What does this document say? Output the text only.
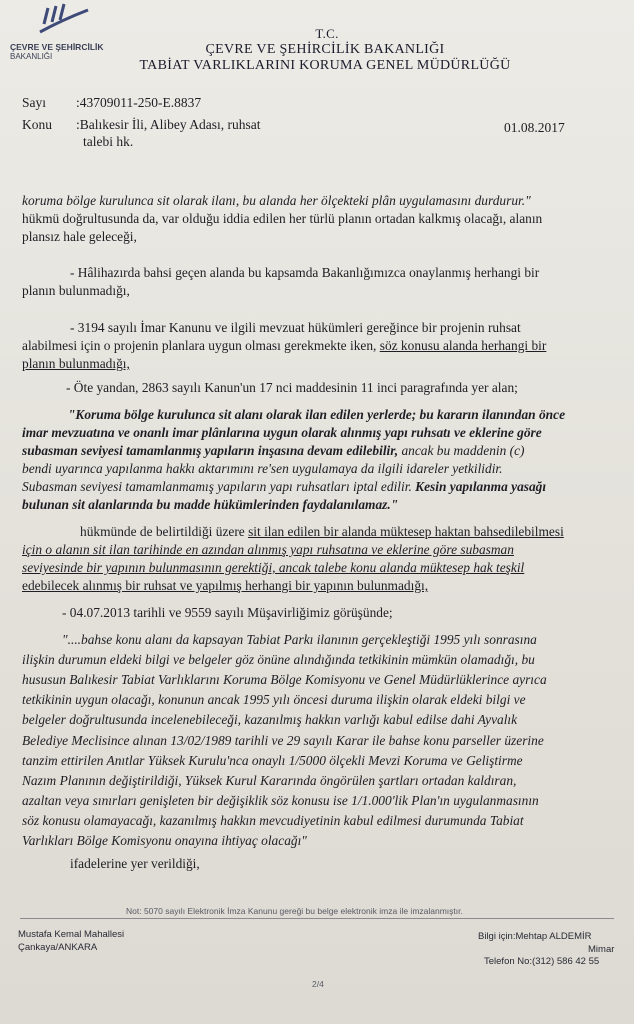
ÇEVRE VE ŞEHİRCİLİK
BAKANLIĞI
T.C.
ÇEVRE VE ŞEHİRCİLİK BAKANLIĞI
TABİAT VARLIKLARINI KORUMA GENEL MÜDÜRLÜĞÜ
Sayı :43709011-250-E.8837
Konu :Balıkesir İli, Alibey Adası, ruhsat
talebi hk.
01.08.2017
koruma bölge kurulunca sit olarak ilanı, bu alanda her ölçekteki plân uygulamasını durdurur."
hükmü doğrultusunda da, var olduğu iddia edilen her türlü planın ortadan kalkmış olacağı, alanın
plansız hale geleceği,
- Hâlihazırda bahsi geçen alanda bu kapsamda Bakanlığımızca onaylanmış herhangi bir
planın bulunmadığı,
- 3194 sayılı İmar Kanunu ve ilgili mevzuat hükümleri gereğince bir projenin ruhsat
alabilmesi için o projenin planlara uygun olması gerekmekte iken, söz konusu alanda herhangi bir
planın bulunmadığı,
- Öte yandan, 2863 sayılı Kanun'un 17 nci maddesinin 11 inci paragrafında yer alan;
"Koruma bölge kurulunca sit alanı olarak ilan edilen yerlerde; bu kararın ilanından önce
imar mevzuatına ve onanlı imar plânlarına uygun olarak alınmış yapı ruhsatı ve eklerine göre
subasman seviyesi tamamlanmış yapıların inşasına devam edilebilir, ancak bu maddenin (c)
bendi uyarınca yapılanma hakkı aktarımını re'sen uygulamaya da ilgili idareler yetkilidir.
Subasman seviyesi tamamlanmamış yapıların yapı ruhsatları iptal edilir. Kesin yapılanma yasağı
bulunan sit alanlarında bu madde hükümlerinden faydalanılamaz."
hükmünde de belirtildiği üzere sit ilan edilen bir alanda müktesep haktan bahsedilebilmesi
için o alanın sit ilan tarihinde en azından alınmış yapı ruhsatına ve eklerine göre subasman
seviyesinde bir yapının bulunmasının gerektiği, ancak talebe konu alanda müktesep hak teşkil
edebilecek alınmış bir ruhsat ve yapılmış herhangi bir yapının bulunmadığı,
- 04.07.2013 tarihli ve 9559 sayılı Müşavirliğimiz görüşünde;
"....bahse konu alanı da kapsayan Tabiat Parkı ilanının gerçekleştiği 1995 yılı sonrasına
ilişkin durumun eldeki bilgi ve belgeler göz önüne alındığında tetkikinin mümkün olamadığı, bu
hususun Balıkesir Tabiat Varlıklarını Koruma Bölge Komisyonu ve Genel Müdürlüklerince ayrıca
tetkikinin uygun olacağı, konunun ancak 1995 yılı öncesi duruma ilişkin olarak eldeki bilgi ve
belgeler doğrultusunda incelenebileceği, kazanılmış hakkın varlığı kabul edilse dahi Ayvalık
Belediye Meclisince alınan 13/02/1989 tarihli ve 29 sayılı Karar ile bahse konu parseller üzerine
tanzim ettirilen Anıtlar Yüksek Kurulu'nca onaylı 1/5000 ölçekli Mevzi Koruma ve Geliştirme
Nazım Planının değiştirildiği, Yüksek Kurul Kararında öngörülen şartları ortadan kaldıran,
azaltan veya sınırları genişleten bir değişiklik söz konusu ise 1/1.000'lik Plan'ın uygulanmasının
söz konusu olamayacağı, kazanılmış hakkın mevcudiyetinin kabul edilmesi durumunda Tabiat
Varlıkları Bölge Komisyonu onayına ihtiyaç olacağı"
ifadelerine yer verildiği,
Not: 5070 sayılı Elektronik İmza Kanunu gereği bu belge elektronik imza ile imzalanmıştır.
Mustafa Kemal Mahallesi
Çankaya/ANKARA
Bilgi için:Mehtap ALDEMİR
Mimar
Telefon No:(312) 586 42 55
2/4
